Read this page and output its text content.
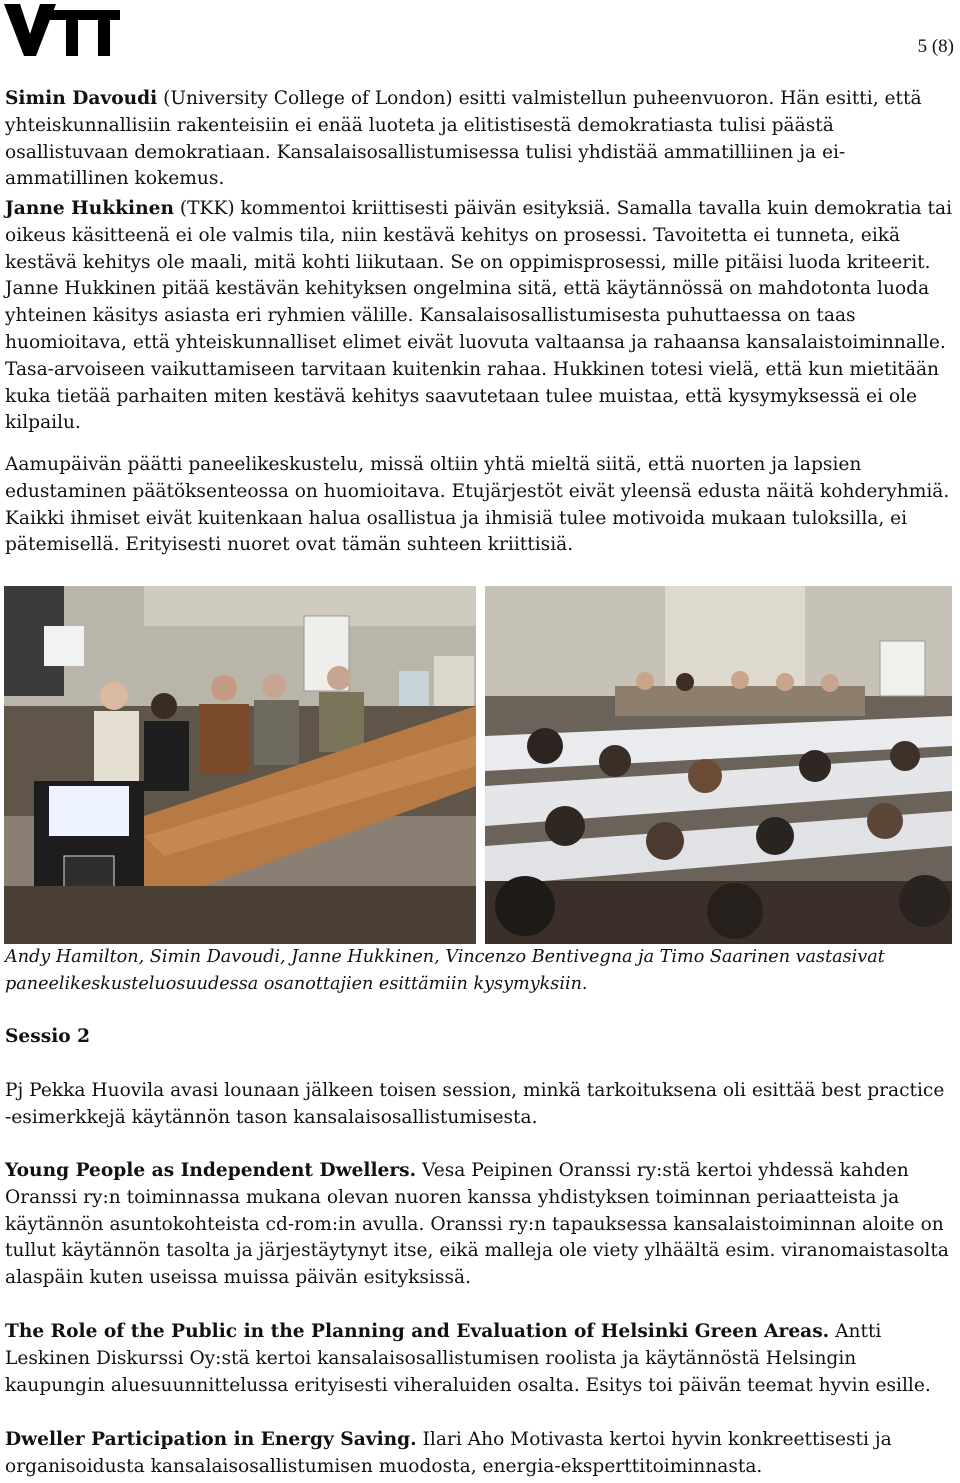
5 (8)
Simin Davoudi (University College of London) esitti valmistellun puheenvuoron. Hän esitti, että yhteiskunnallisiin rakenteisiin ei enää luoteta ja elitistisestä demokratiasta tulisi päästä osallistuvaan demokratiaan. Kansalaisosallistumisessa tulisi yhdistää ammatilliinen ja ei-ammatillinen kokemus.
Janne Hukkinen (TKK) kommentoi kriittisesti päivän esityksiä. Samalla tavalla kuin demokratia tai oikeus käsitteenä ei ole valmis tila, niin kestävä kehitys on prosessi. Tavoitetta ei tunneta, eikä kestävä kehitys ole maali, mitä kohti liikutaan. Se on oppimisprosessi, mille pitäisi luoda kriteerit. Janne Hukkinen pitää kestävän kehityksen ongelmina sitä, että käytännössä on mahdotonta luoda yhteinen käsitys asiasta eri ryhmien välille. Kansalaisosallistumisesta puhuttaessa on taas huomioitava, että yhteiskunnalliset elimet eivät luovuta valtaansa ja rahaansa kansalaistoiminnalle. Tasa-arvoiseen vaikuttamiseen tarvitaan kuitenkin rahaa. Hukkinen totesi vielä, että kun mietitään kuka tietää parhaiten miten kestävä kehitys saavutetaan tulee muistaa, että kysymyksessä ei ole kilpailu.
Aamupäivän päätti paneelikeskustelu, missä oltiin yhtä mieltä siitä, että nuorten ja lapsien edustaminen päätöksenteossa on huomioitava. Etujärjestöt eivät yleensä edusta näitä kohderyhmiä. Kaikki ihmiset eivät kuitenkaan halua osallistua ja ihmisiä tulee motivoida mukaan tuloksilla, ei pätemisellä. Erityisesti nuoret ovat tämän suhteen kriittisiä.
Andy Hamilton, Simin Davoudi, Janne Hukkinen, Vincenzo Bentivegna ja Timo Saarinen vastasivat paneelikeskusteluosuudessa osanottajien esittämiin kysymyksiin.
Sessio 2
Pj Pekka Huovila avasi lounaan jälkeen toisen session, minkä tarkoituksena oli esittää best practice -esimerkkejä käytännön tason kansalaisosallistumisesta.
Young People as Independent Dwellers. Vesa Peipinen Oranssi ry:stä kertoi yhdessä kahden Oranssi ry:n toiminnassa mukana olevan nuoren kanssa yhdistyksen toiminnan periaatteista ja käytännön asuntokohteista cd-rom:in avulla. Oranssi ry:n tapauksessa kansalaistoiminnan aloite on tullut käytännön tasolta ja järjestäytynyt itse, eikä malleja ole viety ylhäältä esim. viranomaistasolta alaspäin kuten useissa muissa päivän esityksissä.
The Role of the Public in the Planning and Evaluation of Helsinki Green Areas. Antti Leskinen Diskurssi Oy:stä kertoi kansalaisosallistumisen roolista ja käytännöstä Helsingin kaupungin aluesuunnittelussa erityisesti viheraluiden osalta. Esitys toi päivän teemat hyvin esille.
Dweller Participation in Energy Saving. Ilari Aho Motivasta kertoi hyvin konkreettisesti ja organisoidusta kansalaisosallistumisen muodosta, energia-eksperttitoiminnasta.
